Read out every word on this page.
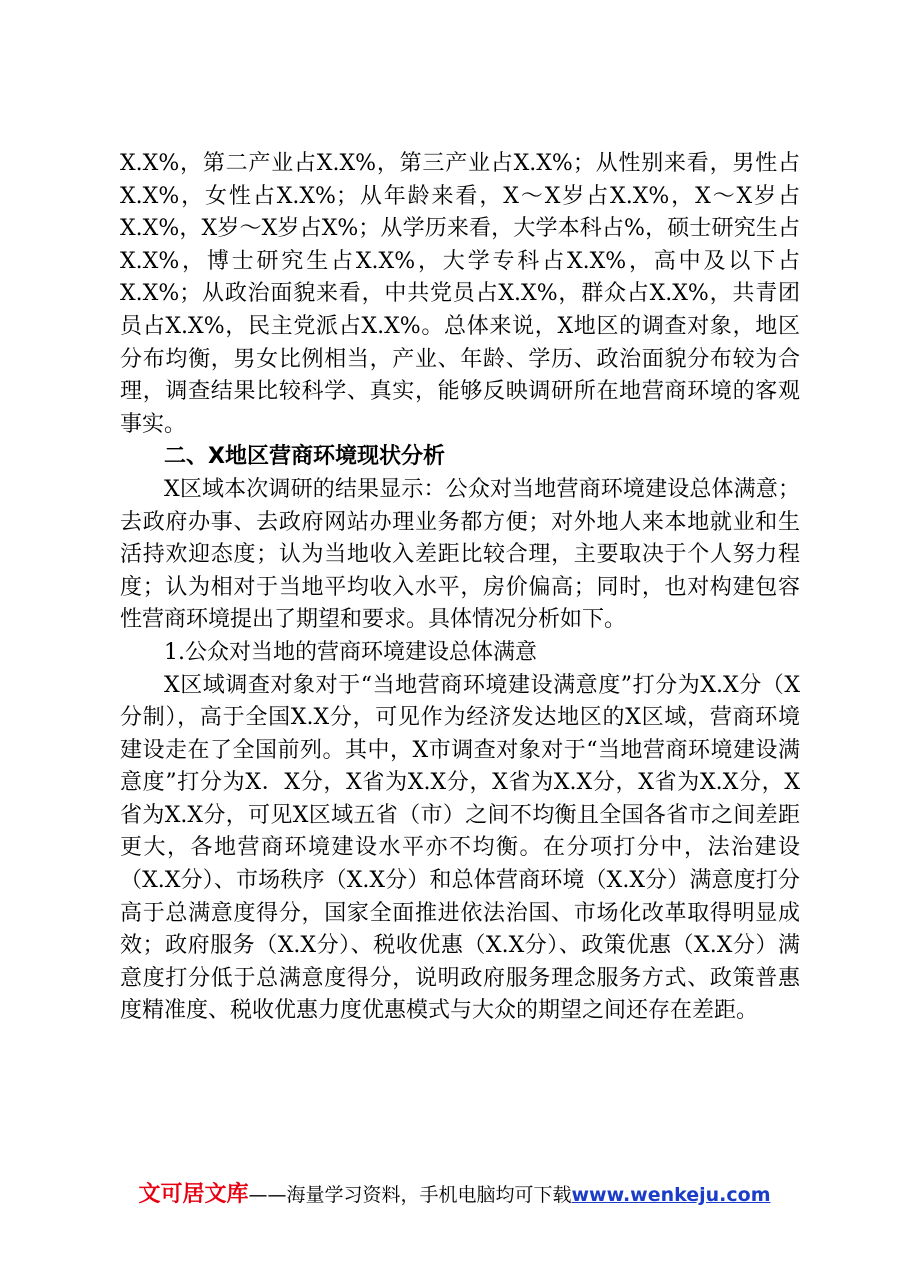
X.X%，第二产业占X.X%，第三产业占X.X%；从性别来看，男性占X.X%，女性占X.X%；从年龄来看，X～X岁占X.X%，X～X岁占X.X%，X岁～X岁占X%；从学历来看，大学本科占%，硕士研究生占X.X%，博士研究生占X.X%，大学专科占X.X%，高中及以下占X.X%；从政治面貌来看，中共党员占X.X%，群众占X.X%，共青团员占X.X%，民主党派占X.X%。总体来说，X地区的调查对象，地区分布均衡，男女比例相当，产业、年龄、学历、政治面貌分布较为合理，调查结果比较科学、真实，能够反映调研所在地营商环境的客观事实。

二、X地区营商环境现状分析

X区域本次调研的结果显示：公众对当地营商环境建设总体满意；去政府办事、去政府网站办理业务都方便；对外地人来本地就业和生活持欢迎态度；认为当地收入差距比较合理，主要取决于个人努力程度；认为相对于当地平均收入水平，房价偏高；同时，也对构建包容性营商环境提出了期望和要求。具体情况分析如下。

1.公众对当地的营商环境建设总体满意

X区域调查对象对于“当地营商环境建设满意度”打分为X.X分（X分制），高于全国X.X分，可见作为经济发达地区的X区域，营商环境建设走在了全国前列。其中，X市调查对象对于“当地营商环境建设满意度”打分为X．X分，X省为X.X分，X省为X.X分，X省为X.X分，X省为X.X分，可见X区域五省（市）之间不均衡且全国各省市之间差距更大，各地营商环境建设水平亦不均衡。在分项打分中，法治建设（X.X分）、市场秩序（X.X分）和总体营商环境（X.X分）满意度打分高于总满意度得分，国家全面推进依法治国、市场化改革取得明显成效；政府服务（X.X分）、税收优惠（X.X分）、政策优惠（X.X分）满意度打分低于总满意度得分，说明政府服务理念服务方式、政策普惠度精准度、税收优惠力度优惠模式与大众的期望之间还存在差距。

文可居文库——海量学习资料，手机电脑均可下载www.wenkeju.com
